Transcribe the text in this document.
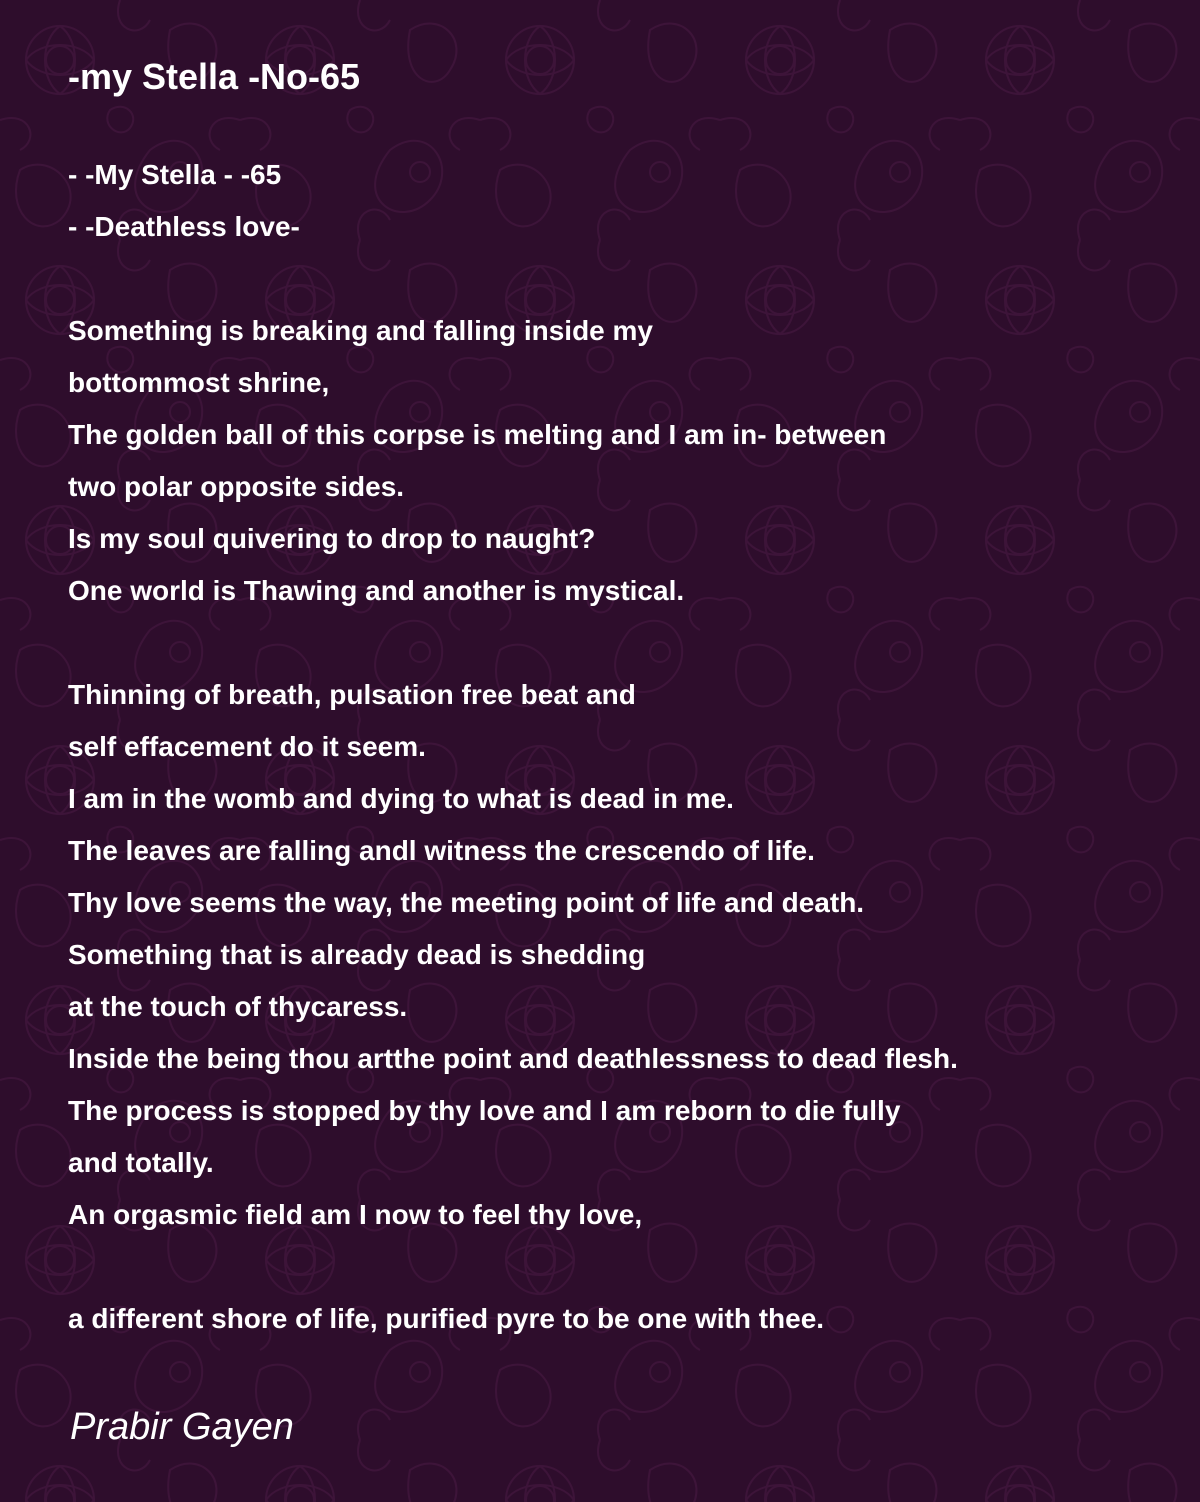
-my Stella -No-65
- -My Stella - -65
- -Deathless love-
Something is breaking and falling inside my
bottommost shrine,
The golden ball of this corpse is melting and I am in- between
two polar opposite sides.
Is my soul quivering to drop to naught?
One world is Thawing and another is mystical.
Thinning of breath, pulsation free beat and
self effacement do it seem.
I am in the womb and dying to what is dead in me.
The leaves are falling andl witness the crescendo of life.
Thy love seems the way, the meeting point of life and death.
Something that is already dead is shedding
at the touch of thycaress.
Inside the being thou artthe point and deathlessness to dead flesh.
The process is stopped by thy love and I am reborn to die fully
and totally.
An orgasmic field am I now to feel thy love,
a different shore of life, purified pyre to be one with thee.
Prabir Gayen
